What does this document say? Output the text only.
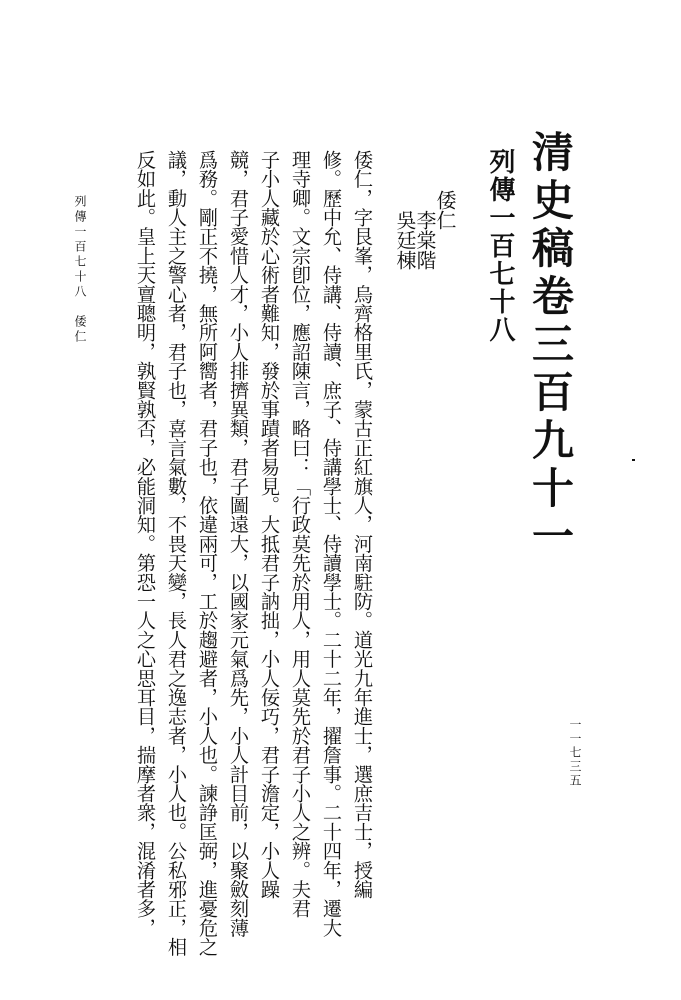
清史稿卷三百九十一
列傳一百七十八
倭仁
李棠階
吳廷棟
倭仁，字艮峯，烏齊格里氏，蒙古正紅旗人，河南駐防。道光九年進士，選庶吉士，授編
修。歷中允、侍講、侍讀、庶子、侍講學士、侍讀學士。二十二年，擢詹事。二十四年，遷大
理寺卿。文宗卽位，應詔陳言，略曰：「行政莫先於用人，用人莫先於君子小人之辨。夫君
子小人藏於心術者難知，發於事蹟者易見。大抵君子訥拙，小人佞巧，君子澹定，小人躁
競，君子愛惜人才，小人排擠異類，君子圖遠大，以國家元氣爲先，小人計目前，以聚斂刻薄
爲務。剛正不撓，無所阿嚮者，君子也，依違兩可，工於趨避者，小人也。諫諍匡弼，進憂危之
議，動人主之警心者，君子也，喜言氣數，不畏天變，長人君之逸志者，小人也。公私邪正，相
反如此。皇上天亶聰明，孰賢孰否，必能洞知。第恐一人之心思耳目，揣摩者衆，混淆者多，
列傳一百七十八　倭仁
一一七三五
